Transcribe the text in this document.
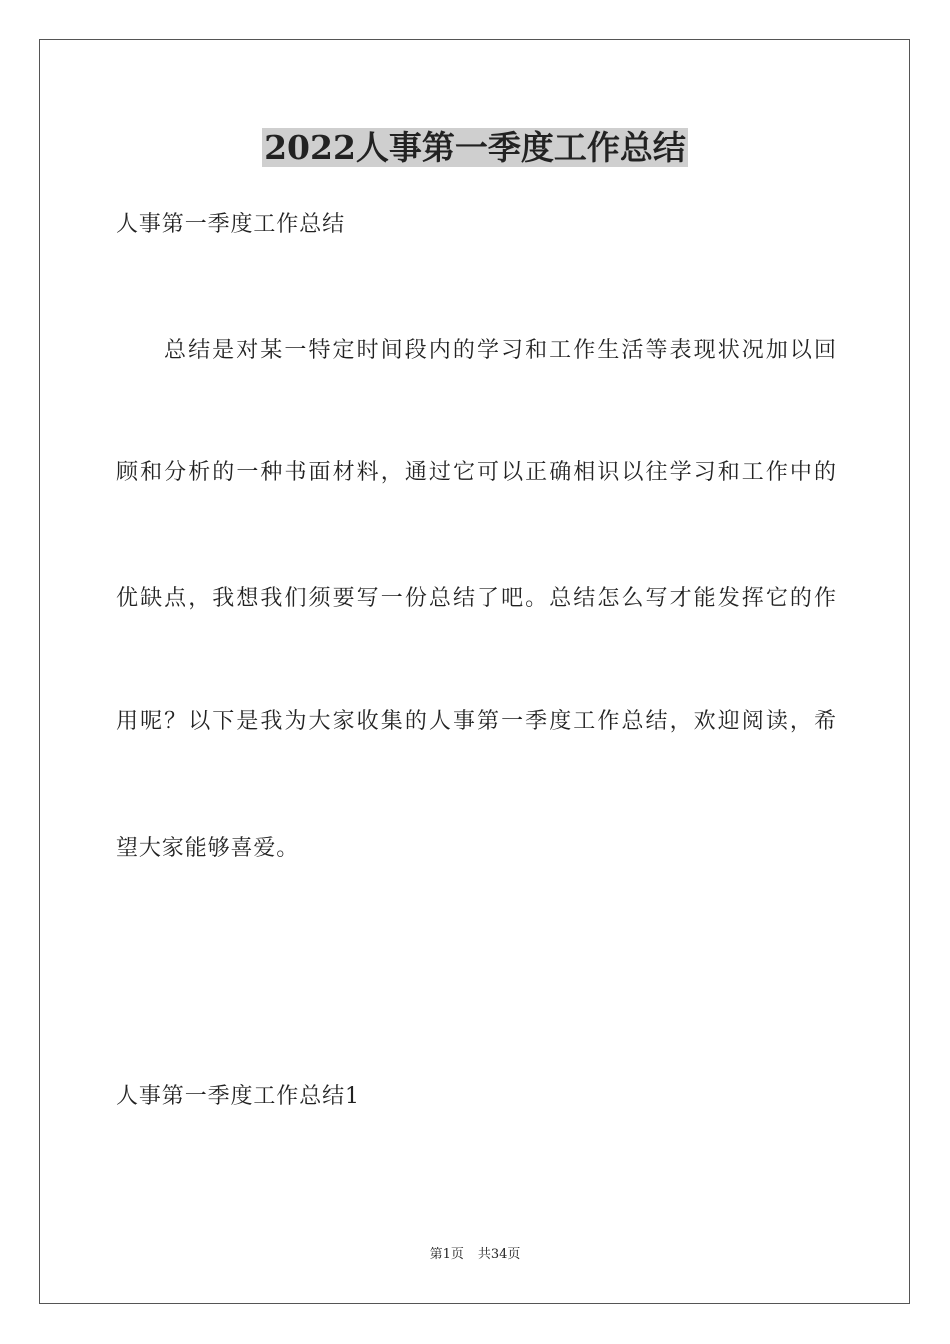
2022人事第一季度工作总结
人事第一季度工作总结
总结是对某一特定时间段内的学习和工作生活等表现状况加以回
顾和分析的一种书面材料，通过它可以正确相识以往学习和工作中的
优缺点，我想我们须要写一份总结了吧。总结怎么写才能发挥它的作
用呢？以下是我为大家收集的人事第一季度工作总结，欢迎阅读，希
望大家能够喜爱。
人事第一季度工作总结1
第1页 共34页
